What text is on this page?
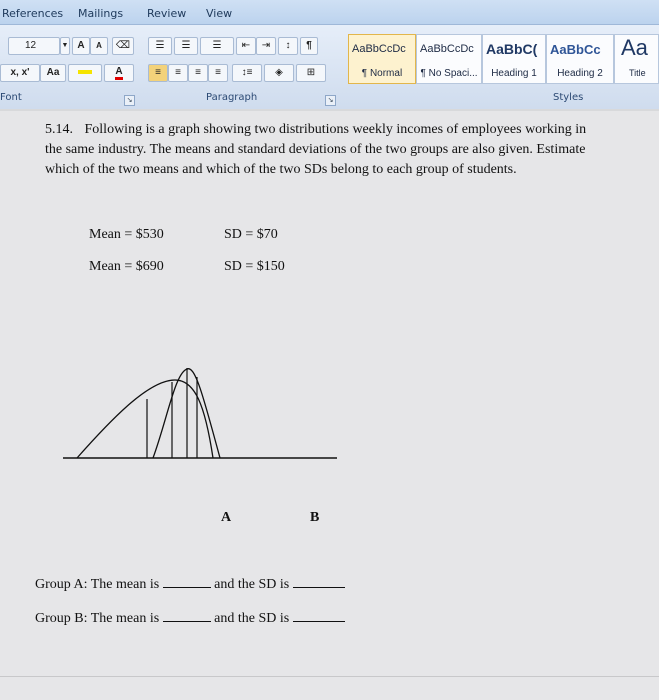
References Mailings Review View
12	▼ A	A	⌫
x, x'	Aa	A
Font	↘
☰	☰	☰	⇤	⇥	↕	¶
≡	≡	≡	≡	↕≡	◈	⊞
Paragraph	↘
AaBbCcDc
¶ Normal
AaBbCcDc
¶ No Spaci...
AaBbC(
Heading 1
AaBbCc
Heading 2
Aa
Title
Styles
5.14. Following is a graph showing two distributions weekly incomes of employees working in
the same industry. The means and standard deviations of the two groups are also given. Estimate
which of the two means and which of the two SDs belong to each group of students.
Mean = $530	SD = $70
Mean = $690	SD = $150
A	B
Group A: The mean is	and the SD is
Group B: The mean is	and the SD is
